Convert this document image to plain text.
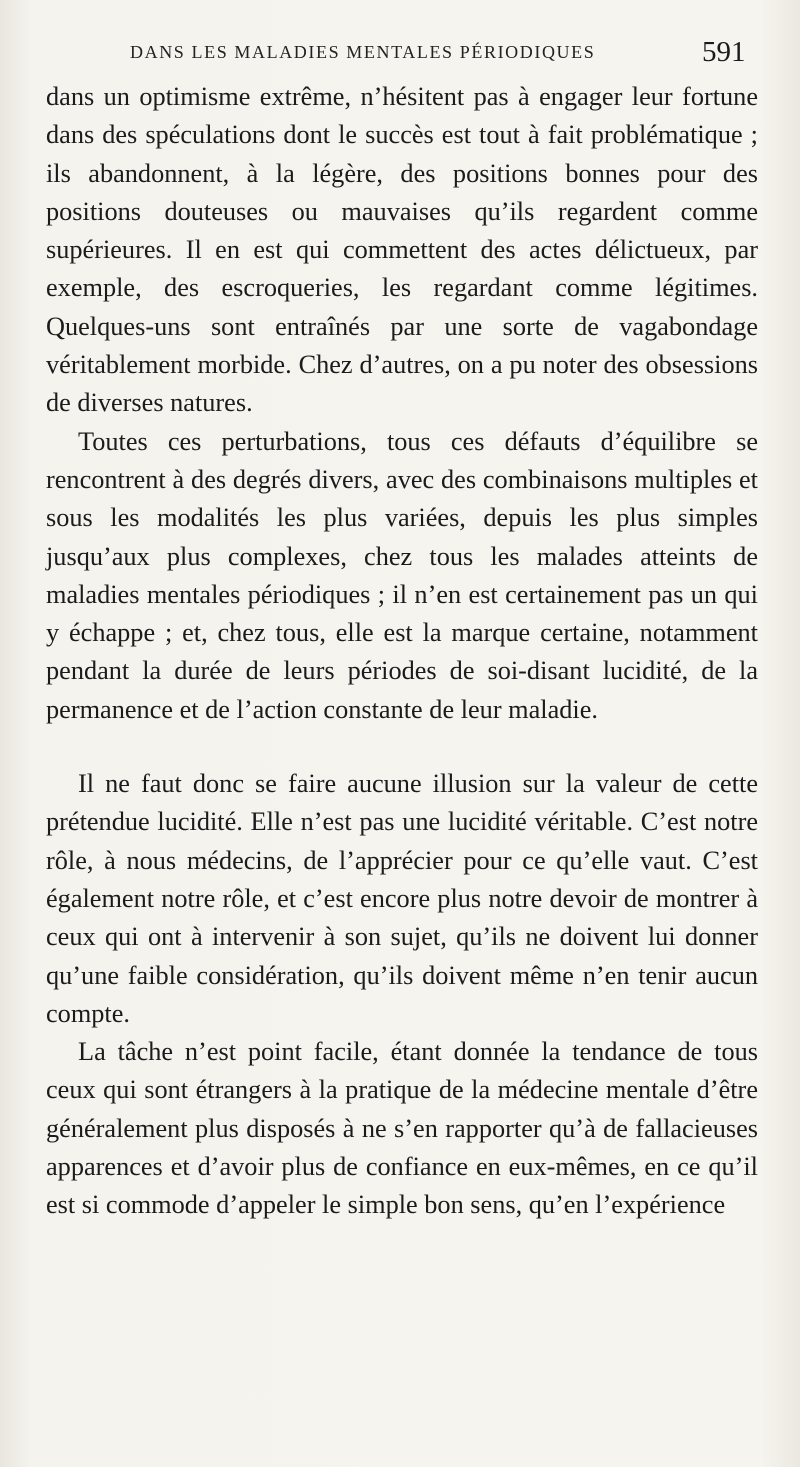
DANS LES MALADIES MENTALES PÉRIODIQUES	591

dans un optimisme extrême, n’hésitent pas à engager leur fortune dans des spéculations dont le succès est tout à fait problématique ; ils abandonnent, à la légère, des positions bonnes pour des positions douteuses ou mauvaises qu’ils regardent comme supérieures. Il en est qui commettent des actes délictueux, par exemple, des escroqueries, les regardant comme légitimes. Quelques-uns sont entraînés par une sorte de vagabondage véritablement morbide. Chez d’autres, on a pu noter des obsessions de diverses natures.

Toutes ces perturbations, tous ces défauts d’équilibre se rencontrent à des degrés divers, avec des combinaisons multiples et sous les modalités les plus variées, depuis les plus simples jusqu’aux plus complexes, chez tous les malades atteints de maladies mentales périodiques ; il n’en est certainement pas un qui y échappe ; et, chez tous, elle est la marque certaine, notamment pendant la durée de leurs périodes de soi-disant lucidité, de la permanence et de l’action constante de leur maladie.

Il ne faut donc se faire aucune illusion sur la valeur de cette prétendue lucidité. Elle n’est pas une lucidité véritable. C’est notre rôle, à nous médecins, de l’apprécier pour ce qu’elle vaut. C’est également notre rôle, et c’est encore plus notre devoir de montrer à ceux qui ont à intervenir à son sujet, qu’ils ne doivent lui donner qu’une faible considération, qu’ils doivent même n’en tenir aucun compte.

La tâche n’est point facile, étant donnée la tendance de tous ceux qui sont étrangers à la pratique de la médecine mentale d’être généralement plus disposés à ne s’en rapporter qu’à de fallacieuses apparences et d’avoir plus de confiance en eux-mêmes, en ce qu’il est si commode d’appeler le simple bon sens, qu’en l’expérience
